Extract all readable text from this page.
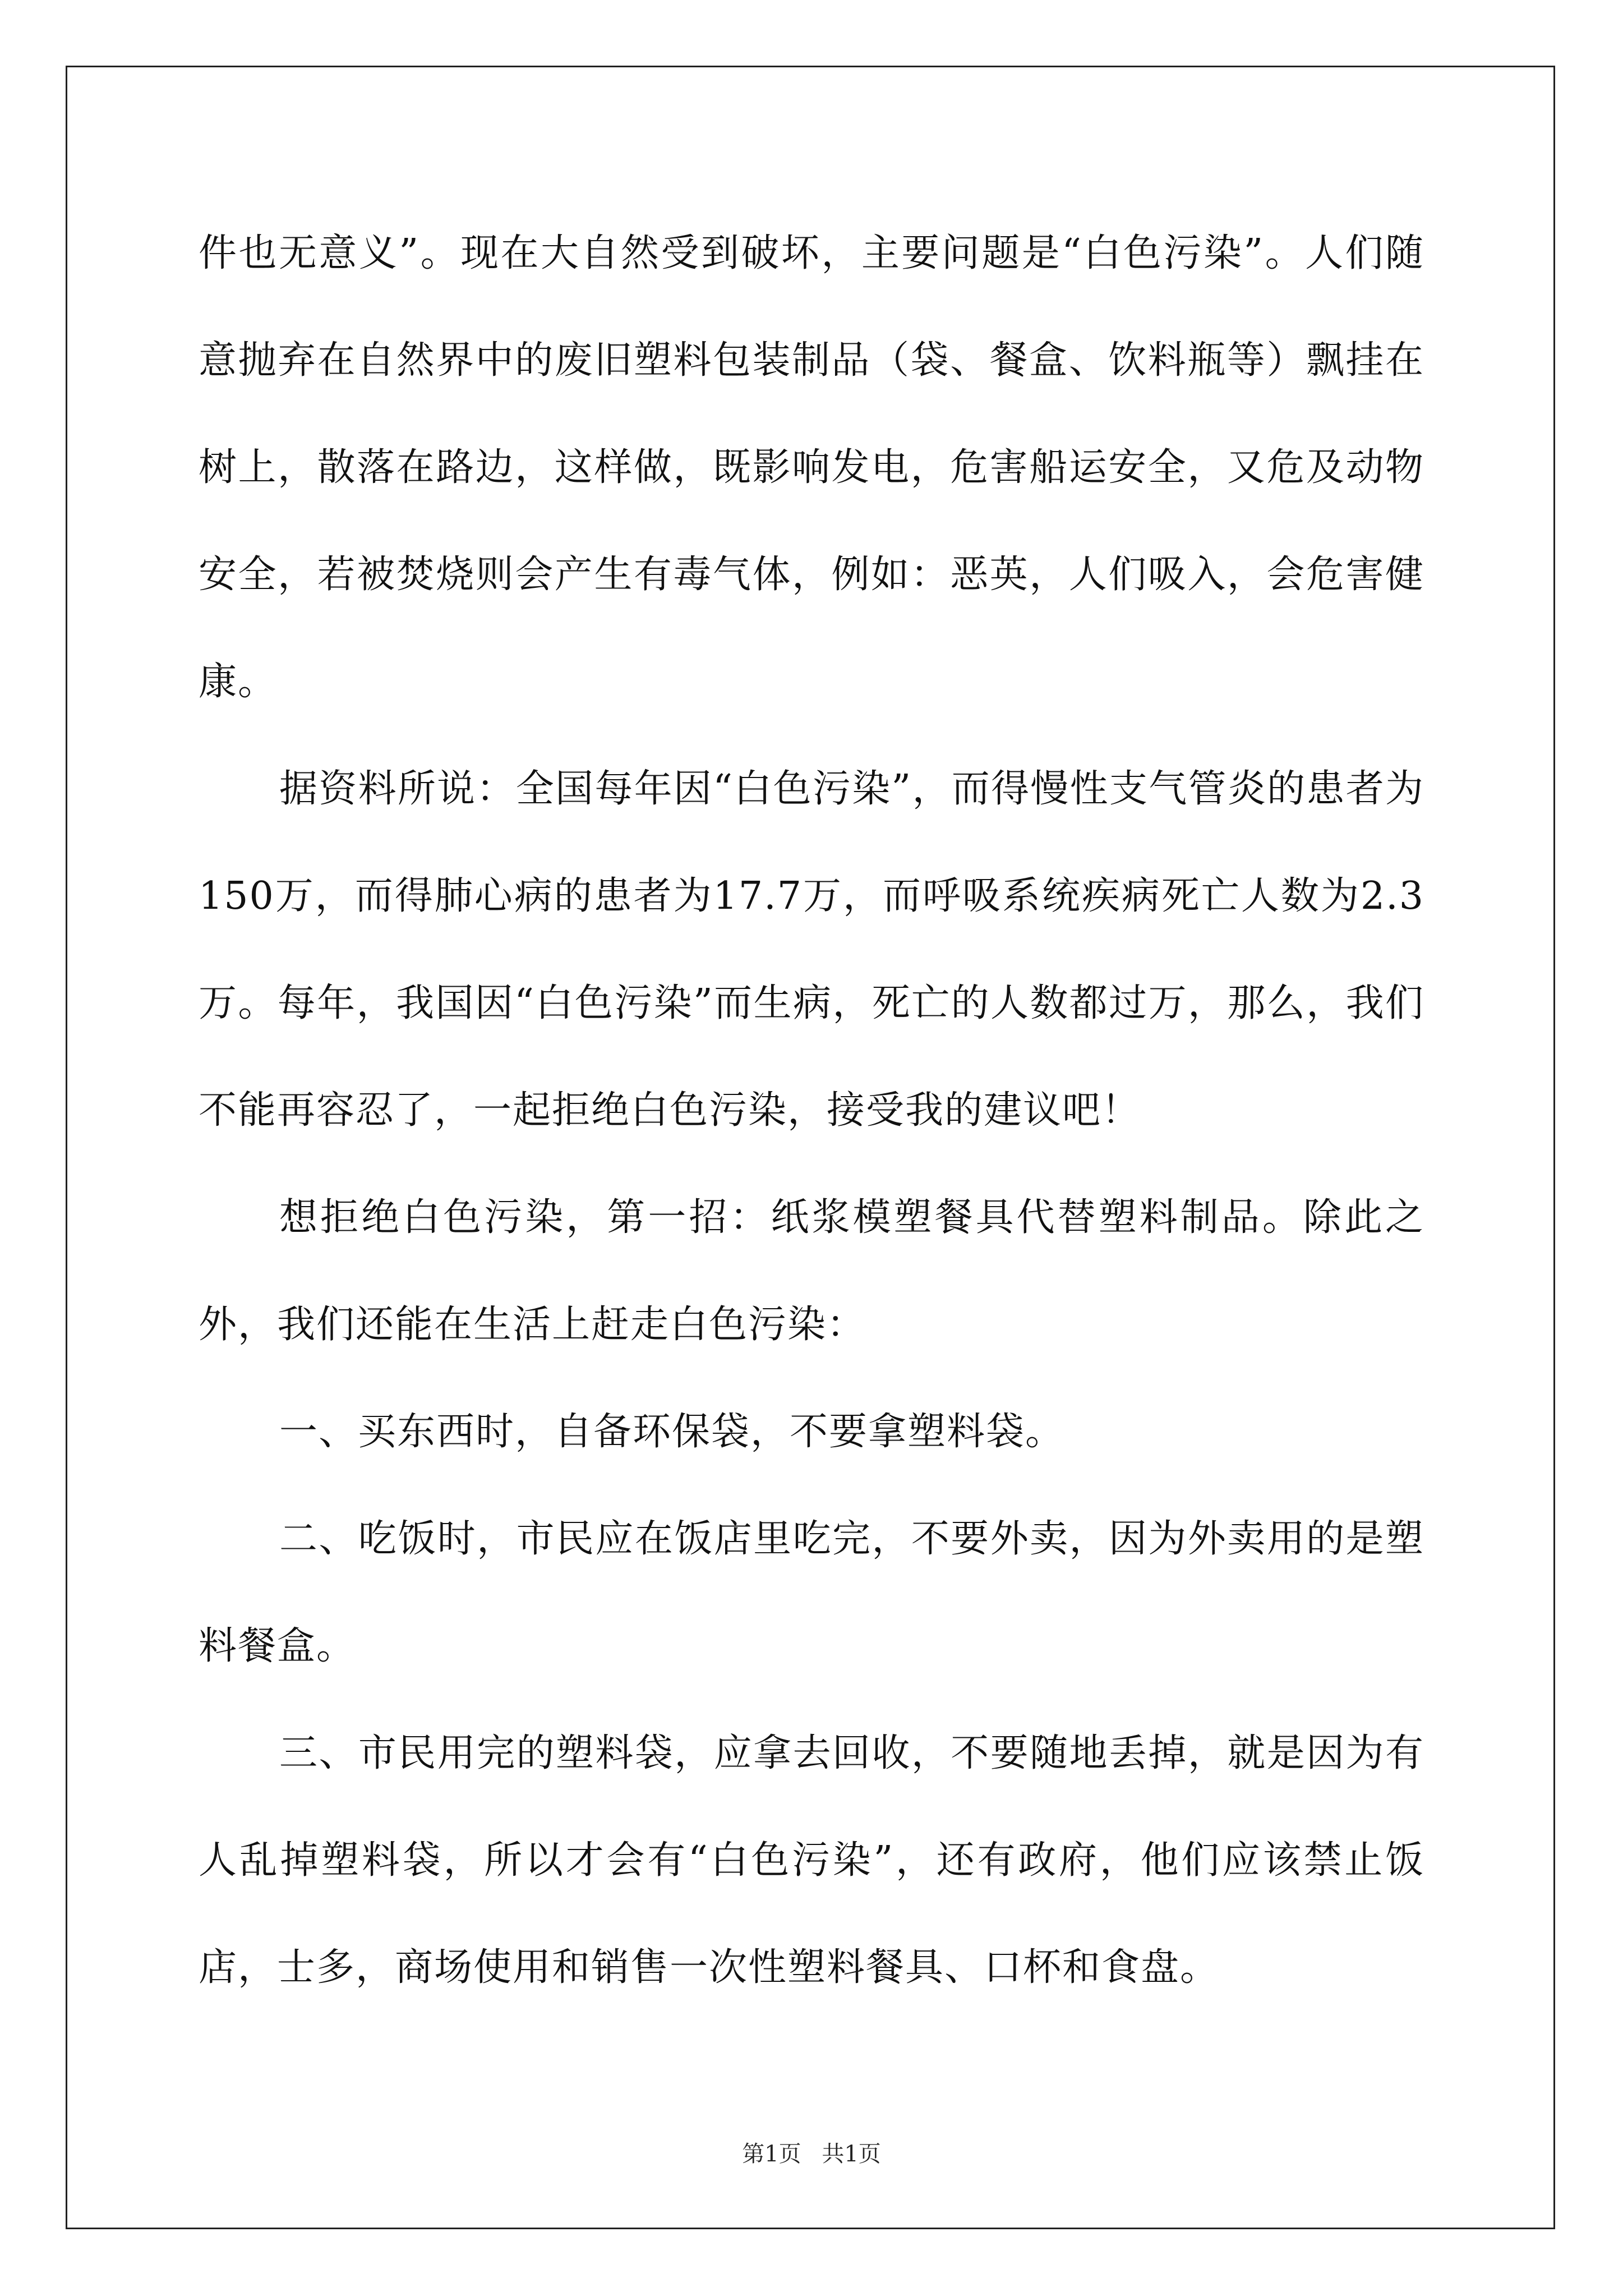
件也无意义”。现在大自然受到破坏，主要问题是“白色污染”。人们随意抛弃在自然界中的废旧塑料包装制品（袋、餐盒、饮料瓶等）飘挂在树上，散落在路边，这样做，既影响发电，危害船运安全，又危及动物安全，若被焚烧则会产生有毒气体，例如：恶英，人们吸入，会危害健康。

据资料所说：全国每年因“白色污染”，而得慢性支气管炎的患者为150万，而得肺心病的患者为17.7万，而呼吸系统疾病死亡人数为2.3万。每年，我国因“白色污染”而生病，死亡的人数都过万，那么，我们不能再容忍了，一起拒绝白色污染，接受我的建议吧！

想拒绝白色污染，第一招：纸浆模塑餐具代替塑料制品。除此之外，我们还能在生活上赶走白色污染：

一、买东西时，自备环保袋，不要拿塑料袋。

二、吃饭时，市民应在饭店里吃完，不要外卖，因为外卖用的是塑料餐盒。

三、市民用完的塑料袋，应拿去回收，不要随地丢掉，就是因为有人乱掉塑料袋，所以才会有“白色污染”，还有政府，他们应该禁止饭店，士多，商场使用和销售一次性塑料餐具、口杯和食盘。

第1页 共1页
